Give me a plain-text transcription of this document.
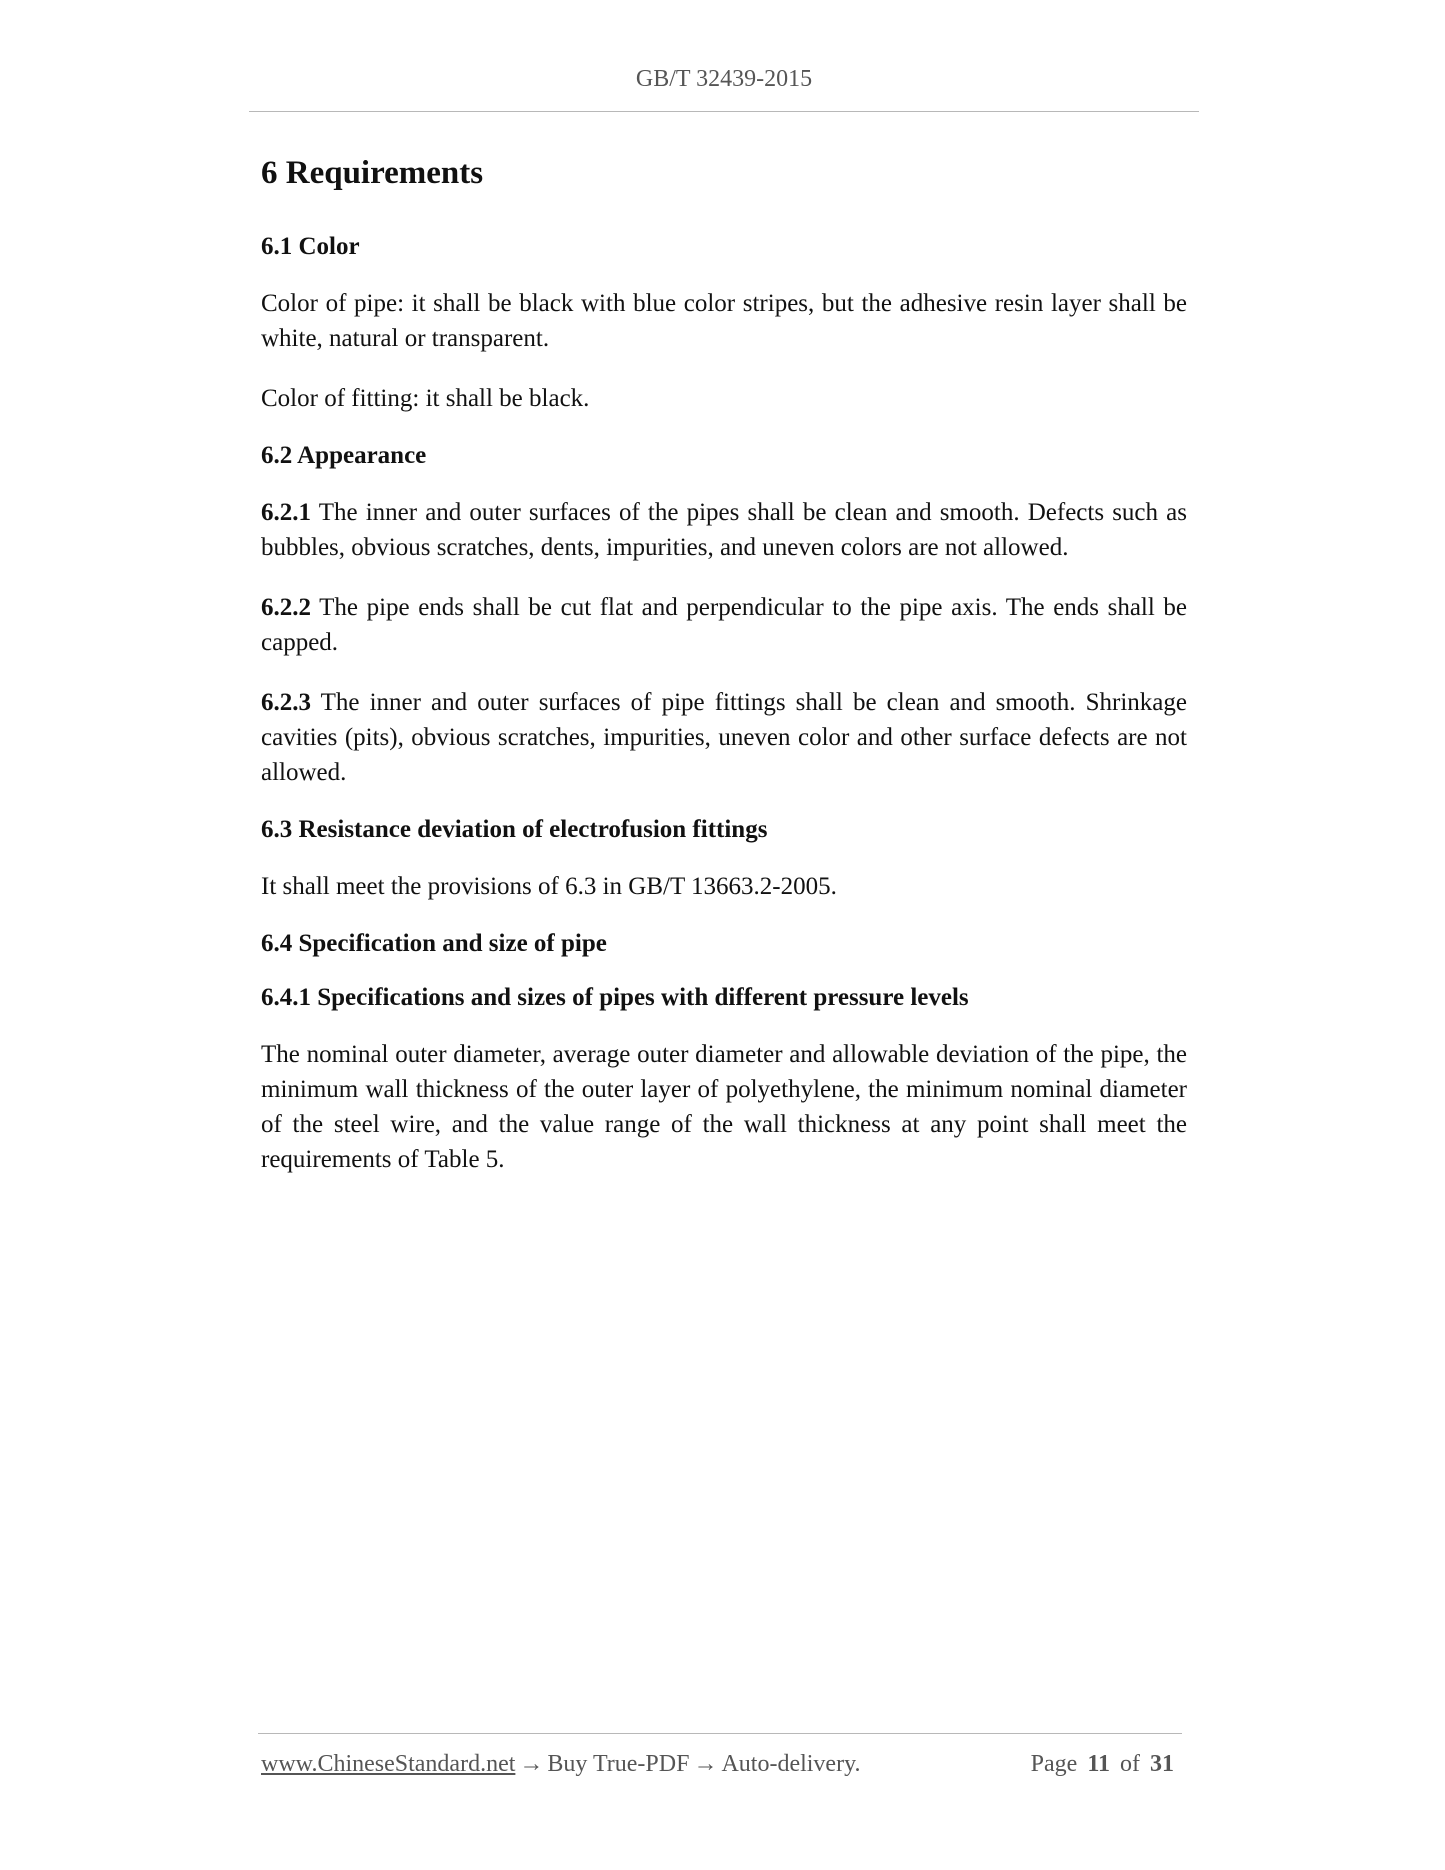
GB/T 32439-2015
6 Requirements
6.1 Color

Color of pipe: it shall be black with blue color stripes, but the adhesive resin layer shall be white, natural or transparent.

Color of fitting: it shall be black.

6.2 Appearance

6.2.1 The inner and outer surfaces of the pipes shall be clean and smooth. Defects such as bubbles, obvious scratches, dents, impurities, and uneven colors are not allowed.

6.2.2 The pipe ends shall be cut flat and perpendicular to the pipe axis. The ends shall be capped.

6.2.3 The inner and outer surfaces of pipe fittings shall be clean and smooth. Shrinkage cavities (pits), obvious scratches, impurities, uneven color and other surface defects are not allowed.

6.3 Resistance deviation of electrofusion fittings

It shall meet the provisions of 6.3 in GB/T 13663.2-2005.

6.4 Specification and size of pipe
6.4.1 Specifications and sizes of pipes with different pressure levels

The nominal outer diameter, average outer diameter and allowable deviation of the pipe, the minimum wall thickness of the outer layer of polyethylene, the minimum nominal diameter of the steel wire, and the value range of the wall thickness at any point shall meet the requirements of Table 5.

www.ChineseStandard.net → Buy True-PDF → Auto-delivery.	Page 11 of 31
